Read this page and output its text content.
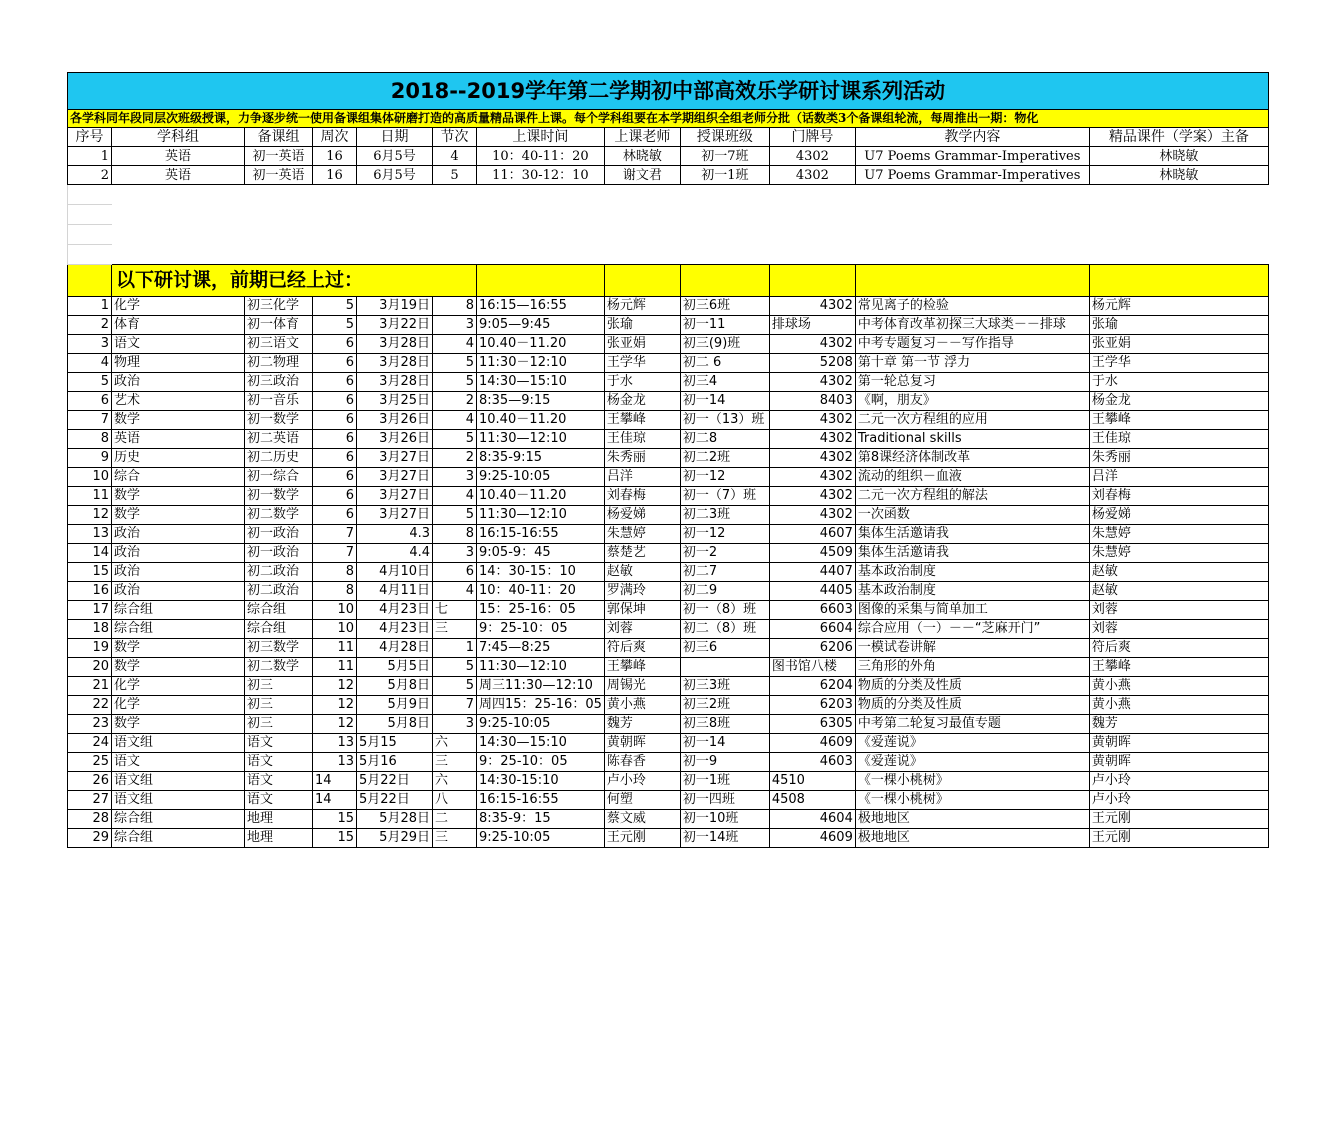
2018--2019学年第二学期初中部高效乐学研讨课系列活动											
各学科同年段同层次班级授课，力争逐步统一使用备课组集体研磨打造的高质量精品课件上课。每个学科组要在本学期组织全组老师分批（话数类3个备课组轮流，每周推出一期：物化											
序号	学科组	备课组	周次	日期	节次	上课时间	上课老师	授课班级	门牌号	教学内容	精品课件（学案）主备
1	英语	初一英语	16	6月5号	4	10：40-11：20	林晓敏	初一7班	4302	U7 Poems Grammar-Imperatives	林晓敏
2	英语	初一英语	16	6月5号	5	11：30-12：10	谢文君	初一1班	4302	U7 Poems Grammar-Imperatives	林晓敏

	以下研讨课，前期已经上过：										
1	化学	初三化学	5	3月19日	8	16:15—16:55	杨元辉	初三6班	4302	常见离子的检验	杨元辉
2	体育	初一体育	5	3月22日	3	9:05—9:45	张瑜	初一11	排球场	中考体育改革初探三大球类－－排球	张瑜
3	语文	初三语文	6	3月28日	4	10.40－11.20	张亚娟	初三(9)班	4302	中考专题复习－－写作指导	张亚娟
4	物理	初二物理	6	3月28日	5	11:30－12:10	王学华	初二 6	5208	第十章 第一节 浮力	王学华
5	政治	初三政治	6	3月28日	5	14:30—15:10	于水	初三4	4302	第一轮总复习	于水
6	艺术	初一音乐	6	3月25日	2	8:35—9:15	杨金龙	初一14	8403	《啊，朋友》	杨金龙
7	数学	初一数学	6	3月26日	4	10.40－11.20	王攀峰	初一（13）班	4302	二元一次方程组的应用	王攀峰
8	英语	初二英语	6	3月26日	5	11:30—12:10	王佳琼	初二8	4302	Traditional skills	王佳琼
9	历史	初二历史	6	3月27日	2	8:35-9:15	朱秀丽	初二2班	4302	第8课经济体制改革	朱秀丽
10	综合	初一综合	6	3月27日	3	9:25-10:05	吕洋	初一12	4302	流动的组织－血液	吕洋
11	数学	初一数学	6	3月27日	4	10.40－11.20	刘春梅	初一（7）班	4302	二元一次方程组的解法	刘春梅
12	数学	初二数学	6	3月27日	5	11:30—12:10	杨爱娣	初二3班	4302	一次函数	杨爱娣
13	政治	初一政治	7	4.3	8	16:15-16:55	朱慧婷	初一12	4607	集体生活邀请我	朱慧婷
14	政治	初一政治	7	4.4	3	9:05-9：45	蔡楚艺	初一2	4509	集体生活邀请我	朱慧婷
15	政治	初二政治	8	4月10日	6	14：30-15：10	赵敏	初二7	4407	基本政治制度	赵敏
16	政治	初二政治	8	4月11日	4	10：40-11：20	罗满玲	初二9	4405	基本政治制度	赵敏
17	综合组	综合组	10	4月23日	七	15：25-16：05	郭保坤	初一（8）班	6603	图像的采集与简单加工	刘蓉
18	综合组	综合组	10	4月23日	三	9：25-10：05	刘蓉	初二（8）班	6604	综合应用（一）－－“芝麻开门”	刘蓉
19	数学	初三数学	11	4月28日	1	7:45—8:25	符后爽	初三6	6206	一模试卷讲解	符后爽
20	数学	初二数学	11	5月5日	5	11:30—12:10	王攀峰		图书馆八楼	三角形的外角	王攀峰
21	化学	初三	12	5月8日	5	周三11:30—12:10	周锡光	初三3班	6204	物质的分类及性质	黄小燕
22	化学	初三	12	5月9日	7	周四15：25-16：05	黄小燕	初三2班	6203	物质的分类及性质	黄小燕
23	数学	初三	12	5月8日	3	9:25-10:05	魏芳	初三8班	6305	中考第二轮复习最值专题	魏芳
24	语文组	语文	13	5月15	六	14:30—15:10	黄朝晖	初一14	4609	《爱莲说》	黄朝晖
25	语文	语文	13	5月16	三	9：25-10：05	陈春香	初一9	4603	《爱莲说》	黄朝晖
26	语文组	语文	14	5月22日	六	14:30-15:10	卢小玲	初一1班	4510	《一棵小桃树》	卢小玲
27	语文组	语文	14	5月22日	八	16:15-16:55	何塑	初一四班	4508	《一棵小桃树》	卢小玲
28	综合组	地理	15	5月28日	二	8:35-9：15	蔡文威	初一10班	4604	极地地区	王元刚
29	综合组	地理	15	5月29日	三	9:25-10:05	王元刚	初一14班	4609	极地地区	王元刚
